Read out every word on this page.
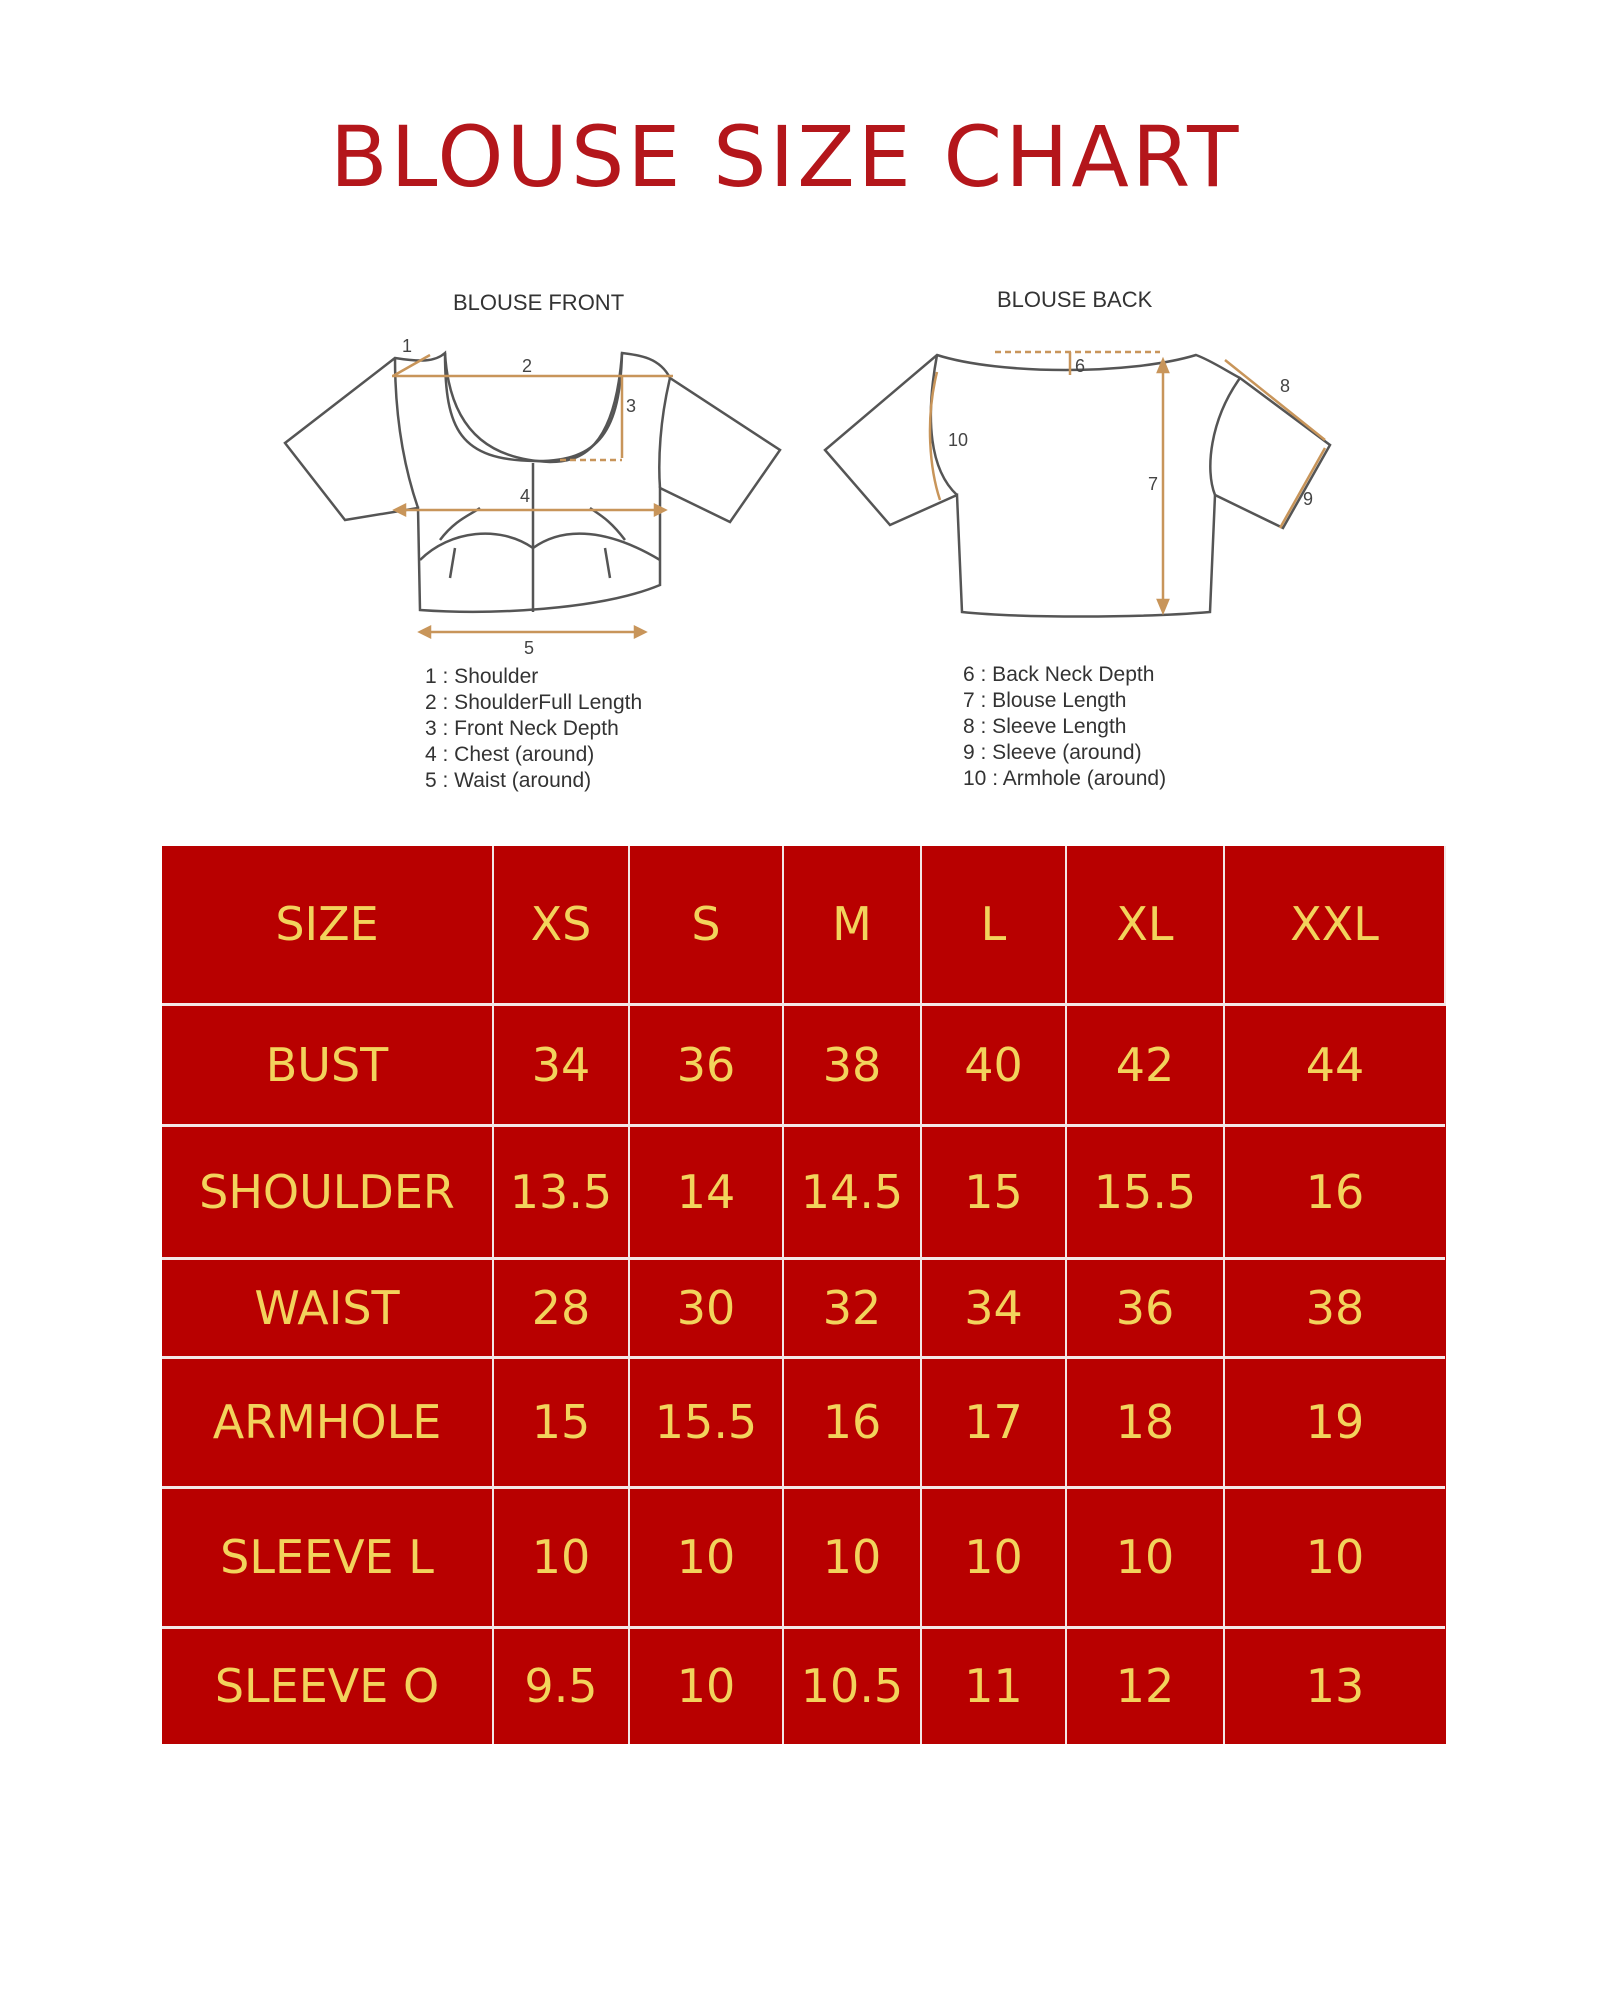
BLOUSE SIZE CHART
BLOUSE FRONT	BLOUSE BACK
1
2
3
4
5
6
7
8
9
10
1 : Shoulder
2 : ShoulderFull Length
3 : Front Neck Depth
4 : Chest (around)
5 : Waist (around)
6 : Back Neck Depth
7 : Blouse Length
8 : Sleeve Length
9 : Sleeve (around)
10 : Armhole (around)
SIZE	XS	S	M	L	XL	XXL
BUST	34	36	38	40	42	44
SHOULDER	13.5	14	14.5	15	15.5	16
WAIST	28	30	32	34	36	38
ARMHOLE	15	15.5	16	17	18	19
SLEEVE L	10	10	10	10	10	10
SLEEVE O	9.5	10	10.5	11	12	13
